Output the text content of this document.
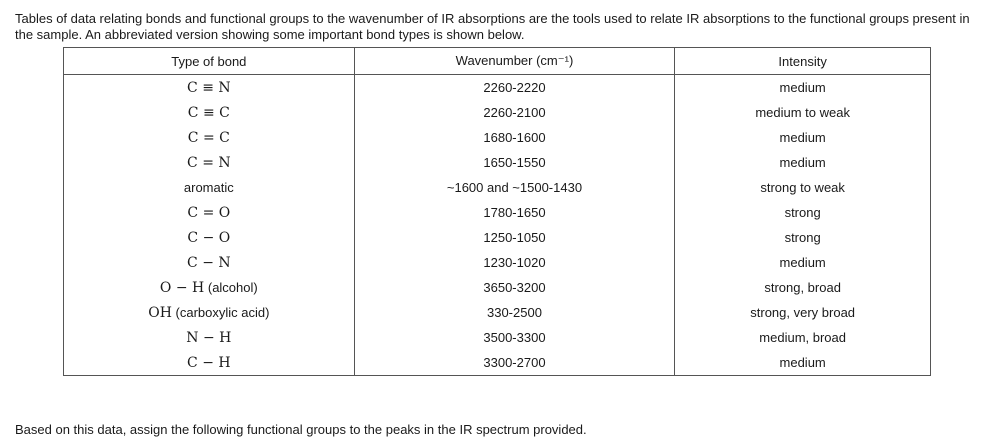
Tables of data relating bonds and functional groups to the wavenumber of IR absorptions are the tools used to relate IR absorptions to the functional groups present in the sample. An abbreviated version showing some important bond types is shown below.
Type of bond	Wavenumber (cm⁻¹)	Intensity
C ≡ N	2260-2220	medium
C ≡ C	2260-2100	medium to weak
C = C	1680-1600	medium
C = N	1650-1550	medium
aromatic	~1600 and ~1500-1430	strong to weak
C = O	1780-1650	strong
C − O	1250-1050	strong
C − N	1230-1020	medium
O − H (alcohol)	3650-3200	strong, broad
OH (carboxylic acid)	330-2500	strong, very broad
N − H	3500-3300	medium, broad
C − H	3300-2700	medium
Based on this data, assign the following functional groups to the peaks in the IR spectrum provided.
